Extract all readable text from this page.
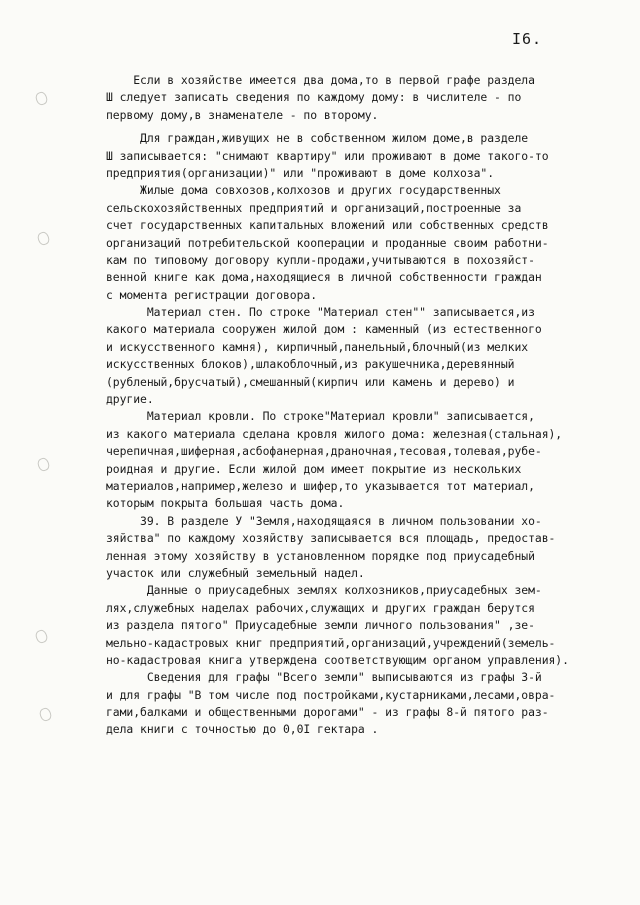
I6.
Если в хозяйстве имеется два дома,то в первой графе раздела
Ш следует записать сведения по каждому дому: в числителе - по
первому дому,в знаменателе - по второму.
Для граждан,живущих не в собственном жилом доме,в разделе
Ш записывается: "снимают квартиру" или проживают в доме такого-то
предприятия(организации)" или "проживают в доме колхоза".
Жилые дома совхозов,колхозов и других государственных
сельскохозяйственных предприятий и организаций,построенные за
счет государственных капитальных вложений или собственных средств
организаций потребительской кооперации и проданные своим работни-
кам по типовому договору купли-продажи,учитываются в похозяйст-
венной книге как дома,находящиеся в личной собственности граждан
с момента регистрации договора.
Материал стен. По строке "Материал стен"" записывается,из
какого материала сооружен жилой дом : каменный (из естественного
и искусственного камня), кирпичный,панельный,блочный(из мелких
искусственных блоков),шлакоблочный,из ракушечника,деревянный
(рубленый,брусчатый),смешанный(кирпич или камень и дерево) и
другие.
Материал кровли. По строке"Материал кровли" записывается,
из какого материала сделана кровля жилого дома: железная(стальная),
черепичная,шиферная,асбофанерная,драночная,тесовая,толевая,рубе-
роидная и другие. Если жилой дом имеет покрытие из нескольких
материалов,например,железо и шифер,то указывается тот материал,
которым покрыта большая часть дома.
39. В разделе У "Земля,находящаяся в личном пользовании хо-
зяйства" по каждому хозяйству записывается вся площадь, предостав-
ленная этому хозяйству в установленном порядке под приусадебный
участок или служебный земельный надел.
Данные о приусадебных землях колхозников,приусадебных зем-
лях,служебных наделах рабочих,служащих и других граждан берутся
из раздела пятого" Приусадебные земли личного пользования" ,зе-
мельно-кадастровых книг предприятий,организаций,учреждений(земель-
но-кадастровая книга утверждена соответствующим органом управления).
Сведения для графы "Всего земли" выписываются из графы 3-й
и для графы "В том числе под постройками,кустарниками,лесами,овра-
гами,балками и общественными дорогами" - из графы 8-й пятого раз-
дела книги с точностью до 0,0I гектара .
